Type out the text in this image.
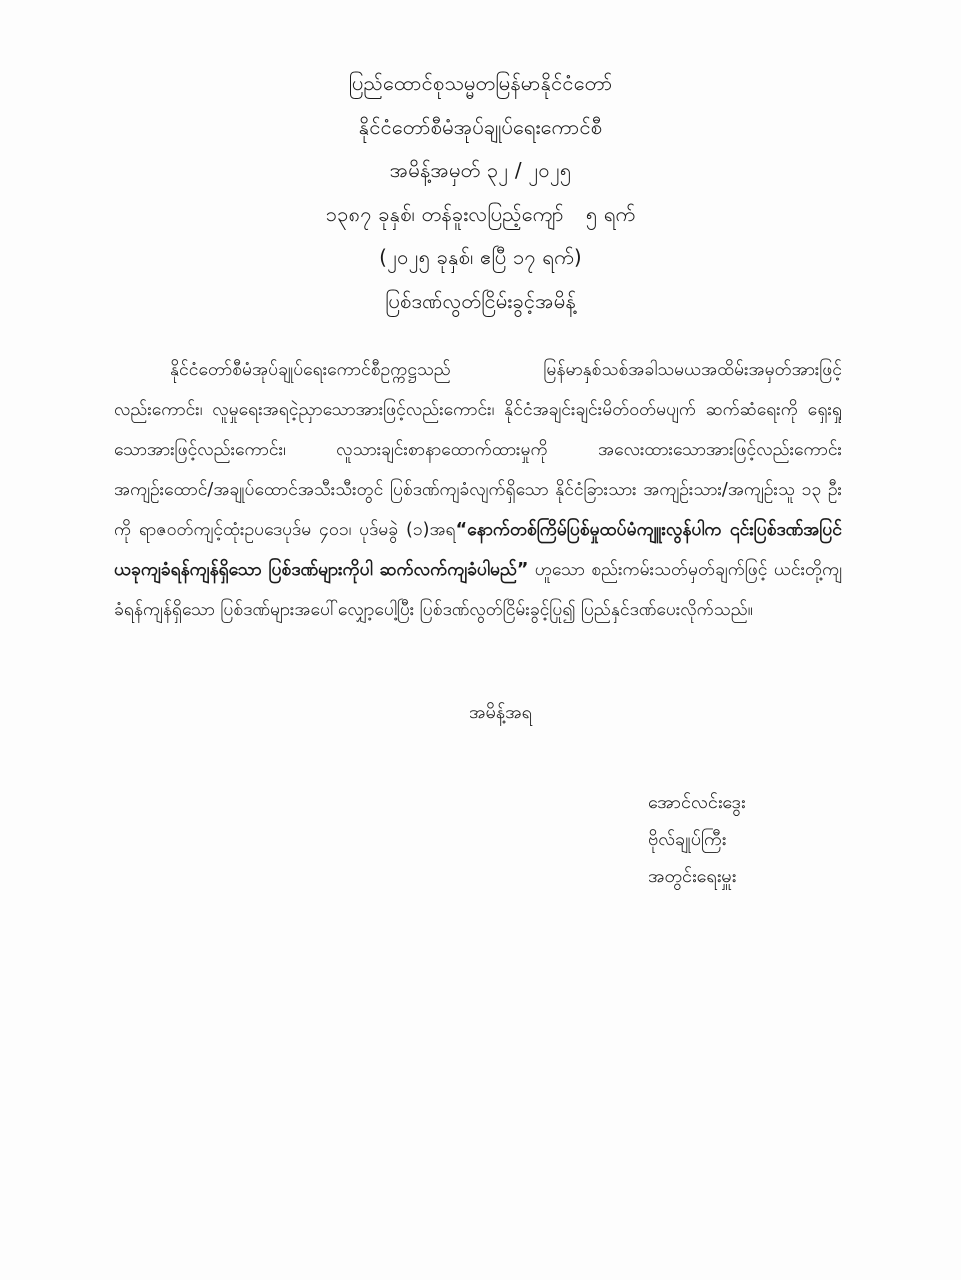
ပြည်ထောင်စုသမ္မတမြန်မာနိုင်ငံတော်
နိုင်ငံတော်စီမံအုပ်ချုပ်ရေးကောင်စီ
အမိန့်အမှတ် ၃၂ / ၂၀၂၅
၁၃၈၇ ခုနှစ်၊ တန်ခူးလပြည့်ကျော် ၅ ရက်
(၂၀၂၅ ခုနှစ်၊ ဧပြီ ၁၇ ရက်)
ပြစ်ဒဏ်လွတ်ငြိမ်းခွင့်အမိန့်
နိုင်ငံတော်စီမံအုပ်ချုပ်ရေးကောင်စီဥက္ကဋ္ဌသည် မြန်မာနှစ်သစ်အခါသမယအထိမ်းအမှတ်အားဖြင့်လည်းကောင်း၊ လူမှုရေးအရငဲ့ညှာသောအားဖြင့်လည်းကောင်း၊ နိုင်ငံအချင်းချင်းမိတ်ဝတ်မပျက် ဆက်ဆံရေးကို ရှေးရှုသောအားဖြင့်လည်းကောင်း၊ လူသားချင်းစာနာထောက်ထားမှုကို အလေးထားသောအားဖြင့်လည်းကောင်း အကျဉ်းထောင်/အချုပ်ထောင်အသီးသီးတွင် ပြစ်ဒဏ်ကျခံလျက်ရှိသော နိုင်ငံခြားသား အကျဉ်းသား/အကျဉ်းသူ ၁၃ ဦးကို ရာဇဝတ်ကျင့်ထုံးဥပဒေပုဒ်မ ၄၀၁၊ ပုဒ်မခွဲ (၁)အရ“နောက်တစ်ကြိမ်ပြစ်မှုထပ်မံကျူးလွန်ပါက ၎င်းပြစ်ဒဏ်အပြင် ယခုကျခံရန်ကျန်ရှိသော ပြစ်ဒဏ်များကိုပါ ဆက်လက်ကျခံပါမည်” ဟူသော စည်းကမ်းသတ်မှတ်ချက်ဖြင့် ယင်းတို့ကျခံရန်ကျန်ရှိသော ပြစ်ဒဏ်များအပေါ်လျှော့ပေါ့ပြီး ပြစ်ဒဏ်လွတ်ငြိမ်းခွင့်ပြု၍ ပြည်နှင်ဒဏ်ပေးလိုက်သည်။
အမိန့်အရ
အောင်လင်းဒွေး
ဗိုလ်ချုပ်ကြီး
အတွင်းရေးမှူး
